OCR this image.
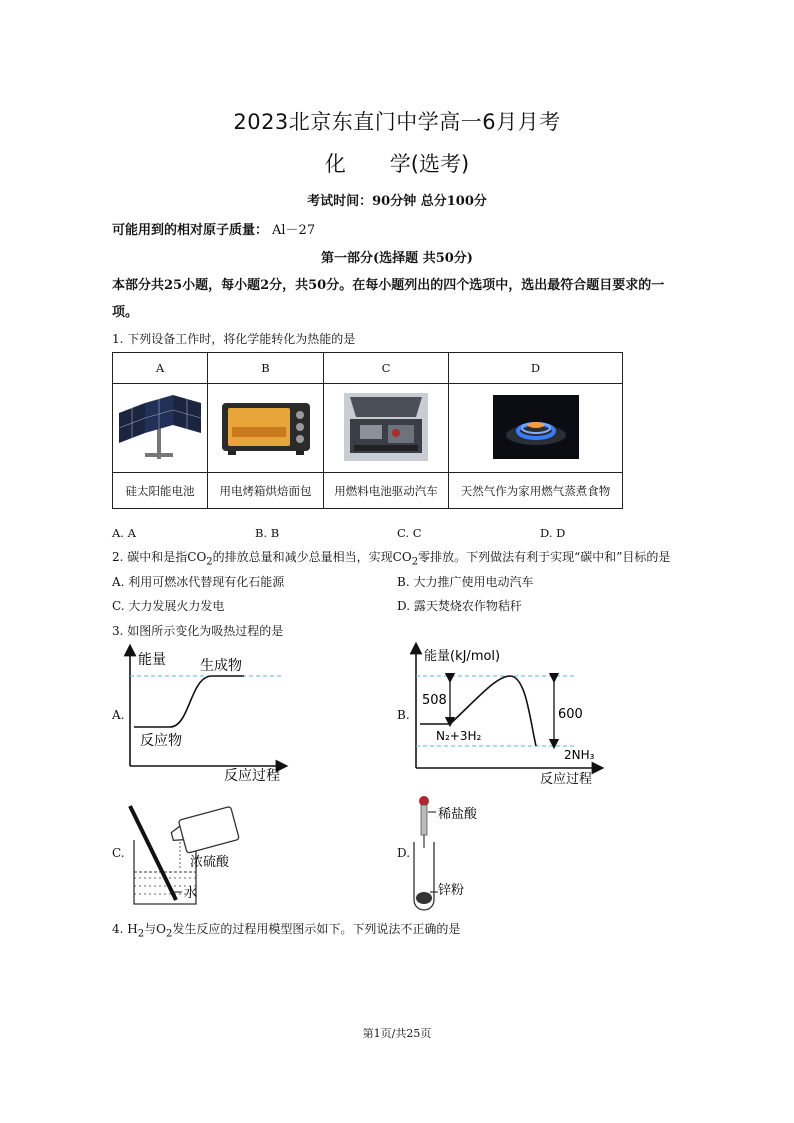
2023北京东直门中学高一6月月考
化 学(选考)
考试时间：90分钟 总分100分
可能用到的相对原子质量： Al－27
第一部分(选择题 共50分)
本部分共25小题，每小题2分，共50分。在每小题列出的四个选项中，选出最符合题目要求的一项。
1. 下列设备工作时，将化学能转化为热能的是
A	B	C	D

硅太阳能电池	用电烤箱烘焙面包	用燃料电池驱动汽车	天然气作为家用燃气蒸煮食物
A. A	B. B	C. C	D. D
2. 碳中和是指$CO_2$的排放总量和减少总量相当，实现$CO_2$零排放。下列做法有利于实现“碳中和”目标的是
A. 利用可燃冰代替现有化石能源	B. 大力推广使用电动汽车
C. 大力发展火力发电	D. 露天焚烧农作物秸秆
3. 如图所示变化为吸热过程的是
A.
能量 生成物
反应物
反应过程
B.
能量(kJ/mol)
508
600
N₂+3H₂
2NH₃
反应过程
C.
浓硫酸
水
D.
稀盐酸
锌粉
4. $H_2$与$O_2$发生反应的过程用模型图示如下。下列说法不正确的是
第1页/共25页
